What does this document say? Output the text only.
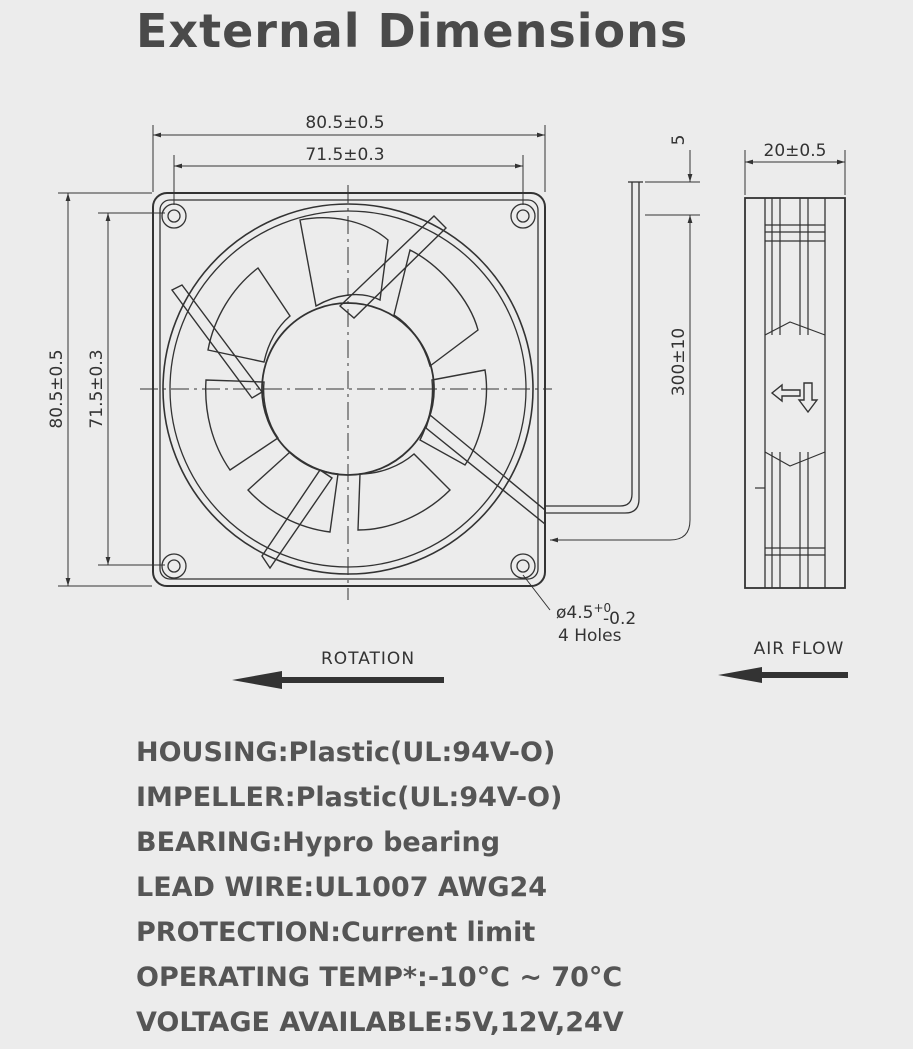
External Dimensions
80.5±0.5
71.5±0.3
80.5±0.5 71.5±0.3
5
300±10
20±0.5
$ø4.5^{+0}$
-0.2
4 Holes
ROTATION	AIR FLOW
HOUSING:Plastic(UL:94V-O)
IMPELLER:Plastic(UL:94V-O)
BEARING:Hypro bearing
LEAD WIRE:UL1007 AWG24
PROTECTION:Current limit
OPERATING TEMP*:-10°C ~ 70°C
VOLTAGE AVAILABLE:5V,12V,24V
